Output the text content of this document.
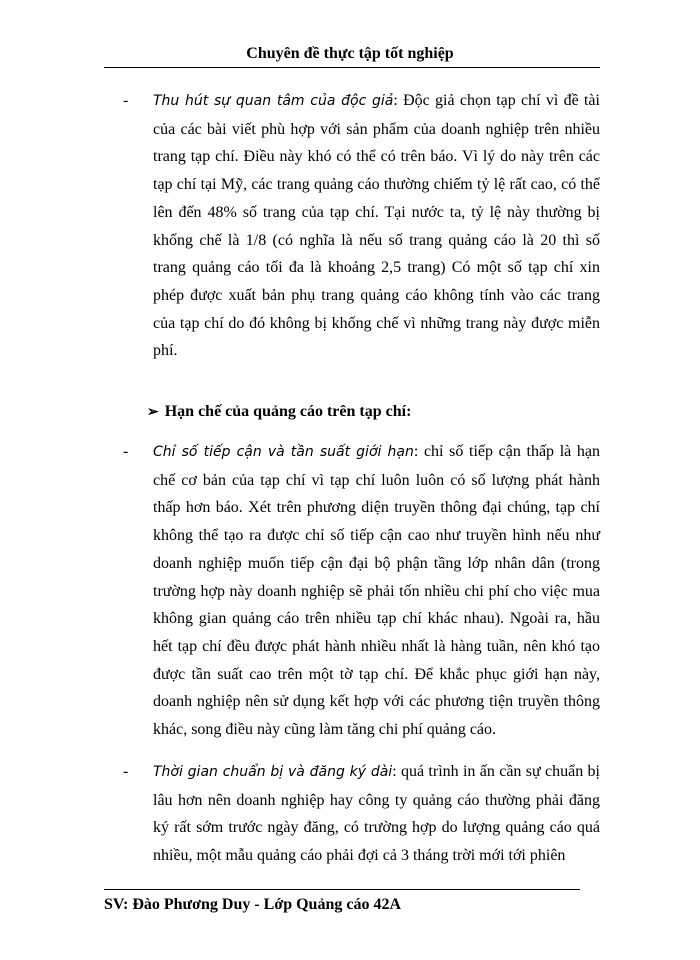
Chuyên đề thực tập tốt nghiệp
- Thu hút sự quan tâm của độc giả: Độc giả chọn tạp chí vì đề tài của các bài viết phù hợp với sản phẩm của doanh nghiệp trên nhiều trang tạp chí. Điều này khó có thể có trên báo. Vì lý do này trên các tạp chí tại Mỹ, các trang quảng cáo thường chiếm tỷ lệ rất cao, có thể lên đến 48% số trang của tạp chí. Tại nước ta, tỷ lệ này thường bị khống chế là 1/8 (có nghĩa là nếu số trang quảng cáo là 20 thì số trang quảng cáo tối đa là khoảng 2,5 trang) Có một số tạp chí xin phép được xuất bản phụ trang quảng cáo không tính vào các trang của tạp chí do đó không bị khống chế vì những trang này được miễn phí.
➢ Hạn chế của quảng cáo trên tạp chí:
- Chỉ số tiếp cận và tần suất giới hạn: chỉ số tiếp cận thấp là hạn chế cơ bản của tạp chí vì tạp chí luôn luôn có số lượng phát hành thấp hơn báo. Xét trên phương diện truyền thông đại chúng, tạp chí không thể tạo ra được chỉ số tiếp cận cao như truyền hình nếu như doanh nghiệp muốn tiếp cận đại bộ phận tầng lớp nhân dân (trong trường hợp này doanh nghiệp sẽ phải tốn nhiều chi phí cho việc mua không gian quảng cáo trên nhiều tạp chí khác nhau). Ngoài ra, hầu hết tạp chí đều được phát hành nhiều nhất là hàng tuần, nên khó tạo được tần suất cao trên một tờ tạp chí. Để khắc phục giới hạn này, doanh nghiệp nên sử dụng kết hợp với các phương tiện truyền thông khác, song điều này cũng làm tăng chi phí quảng cáo.
- Thời gian chuẩn bị và đăng ký dài: quá trình in ấn cần sự chuẩn bị lâu hơn nên doanh nghiệp hay công ty quảng cáo thường phải đăng ký rất sớm trước ngày đăng, có trường hợp do lượng quảng cáo quá nhiều, một mẫu quảng cáo phải đợi cả 3 tháng trời mới tới phiên
SV: Đào Phương Duy - Lớp Quảng cáo 42A
